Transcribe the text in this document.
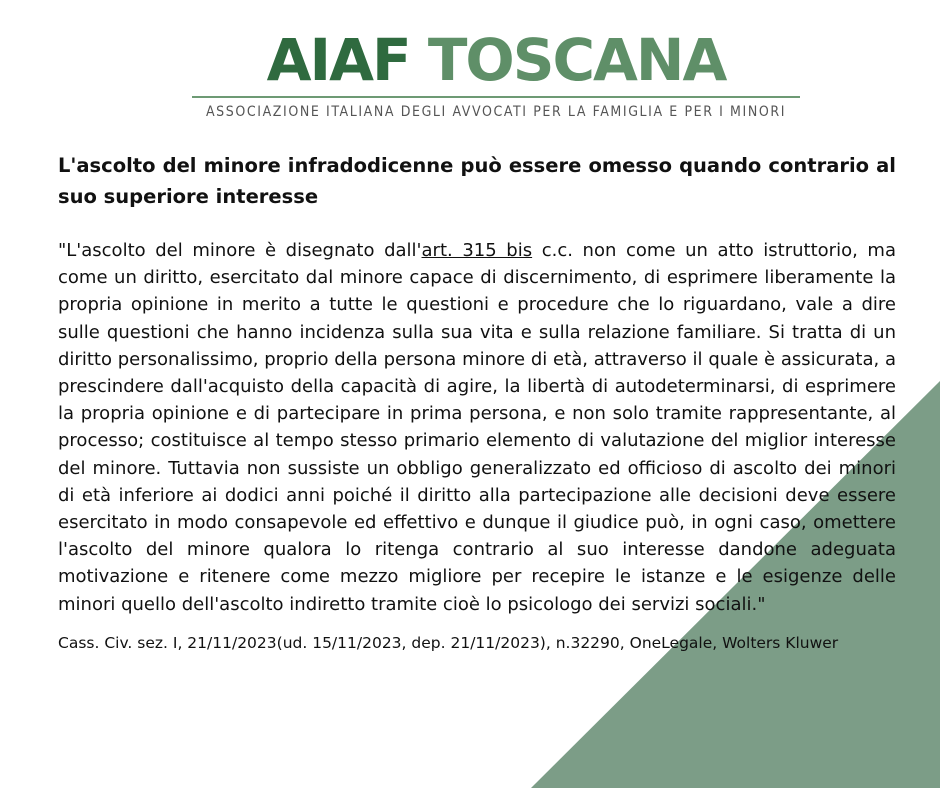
AIAF TOSCANA
ASSOCIAZIONE ITALIANA DEGLI AVVOCATI PER LA FAMIGLIA E PER I MINORI

L'ascolto del minore infradodicenne può essere omesso quando contrario al suo superiore interesse

"L'ascolto del minore è disegnato dall'art. 315 bis c.c. non come un atto istruttorio, ma come un diritto, esercitato dal minore capace di discernimento, di esprimere liberamente la propria opinione in merito a tutte le questioni e procedure che lo riguardano, vale a dire sulle questioni che hanno incidenza sulla sua vita e sulla relazione familiare. Si tratta di un diritto personalissimo, proprio della persona minore di età, attraverso il quale è assicurata, a prescindere dall'acquisto della capacità di agire, la libertà di autodeterminarsi, di esprimere la propria opinione e di partecipare in prima persona, e non solo tramite rappresentante, al processo; costituisce al tempo stesso primario elemento di valutazione del miglior interesse del minore. Tuttavia non sussiste un obbligo generalizzato ed officioso di ascolto dei minori di età inferiore ai dodici anni poiché il diritto alla partecipazione alle decisioni deve essere esercitato in modo consapevole ed effettivo e dunque il giudice può, in ogni caso, omettere l'ascolto del minore qualora lo ritenga contrario al suo interesse dandone adeguata motivazione e ritenere come mezzo migliore per recepire le istanze e le esigenze delle minori quello dell'ascolto indiretto tramite cioè lo psicologo dei servizi sociali."

Cass. Civ. sez. I, 21/11/2023(ud. 15/11/2023, dep. 21/11/2023), n.32290, OneLegale, Wolters Kluwer
